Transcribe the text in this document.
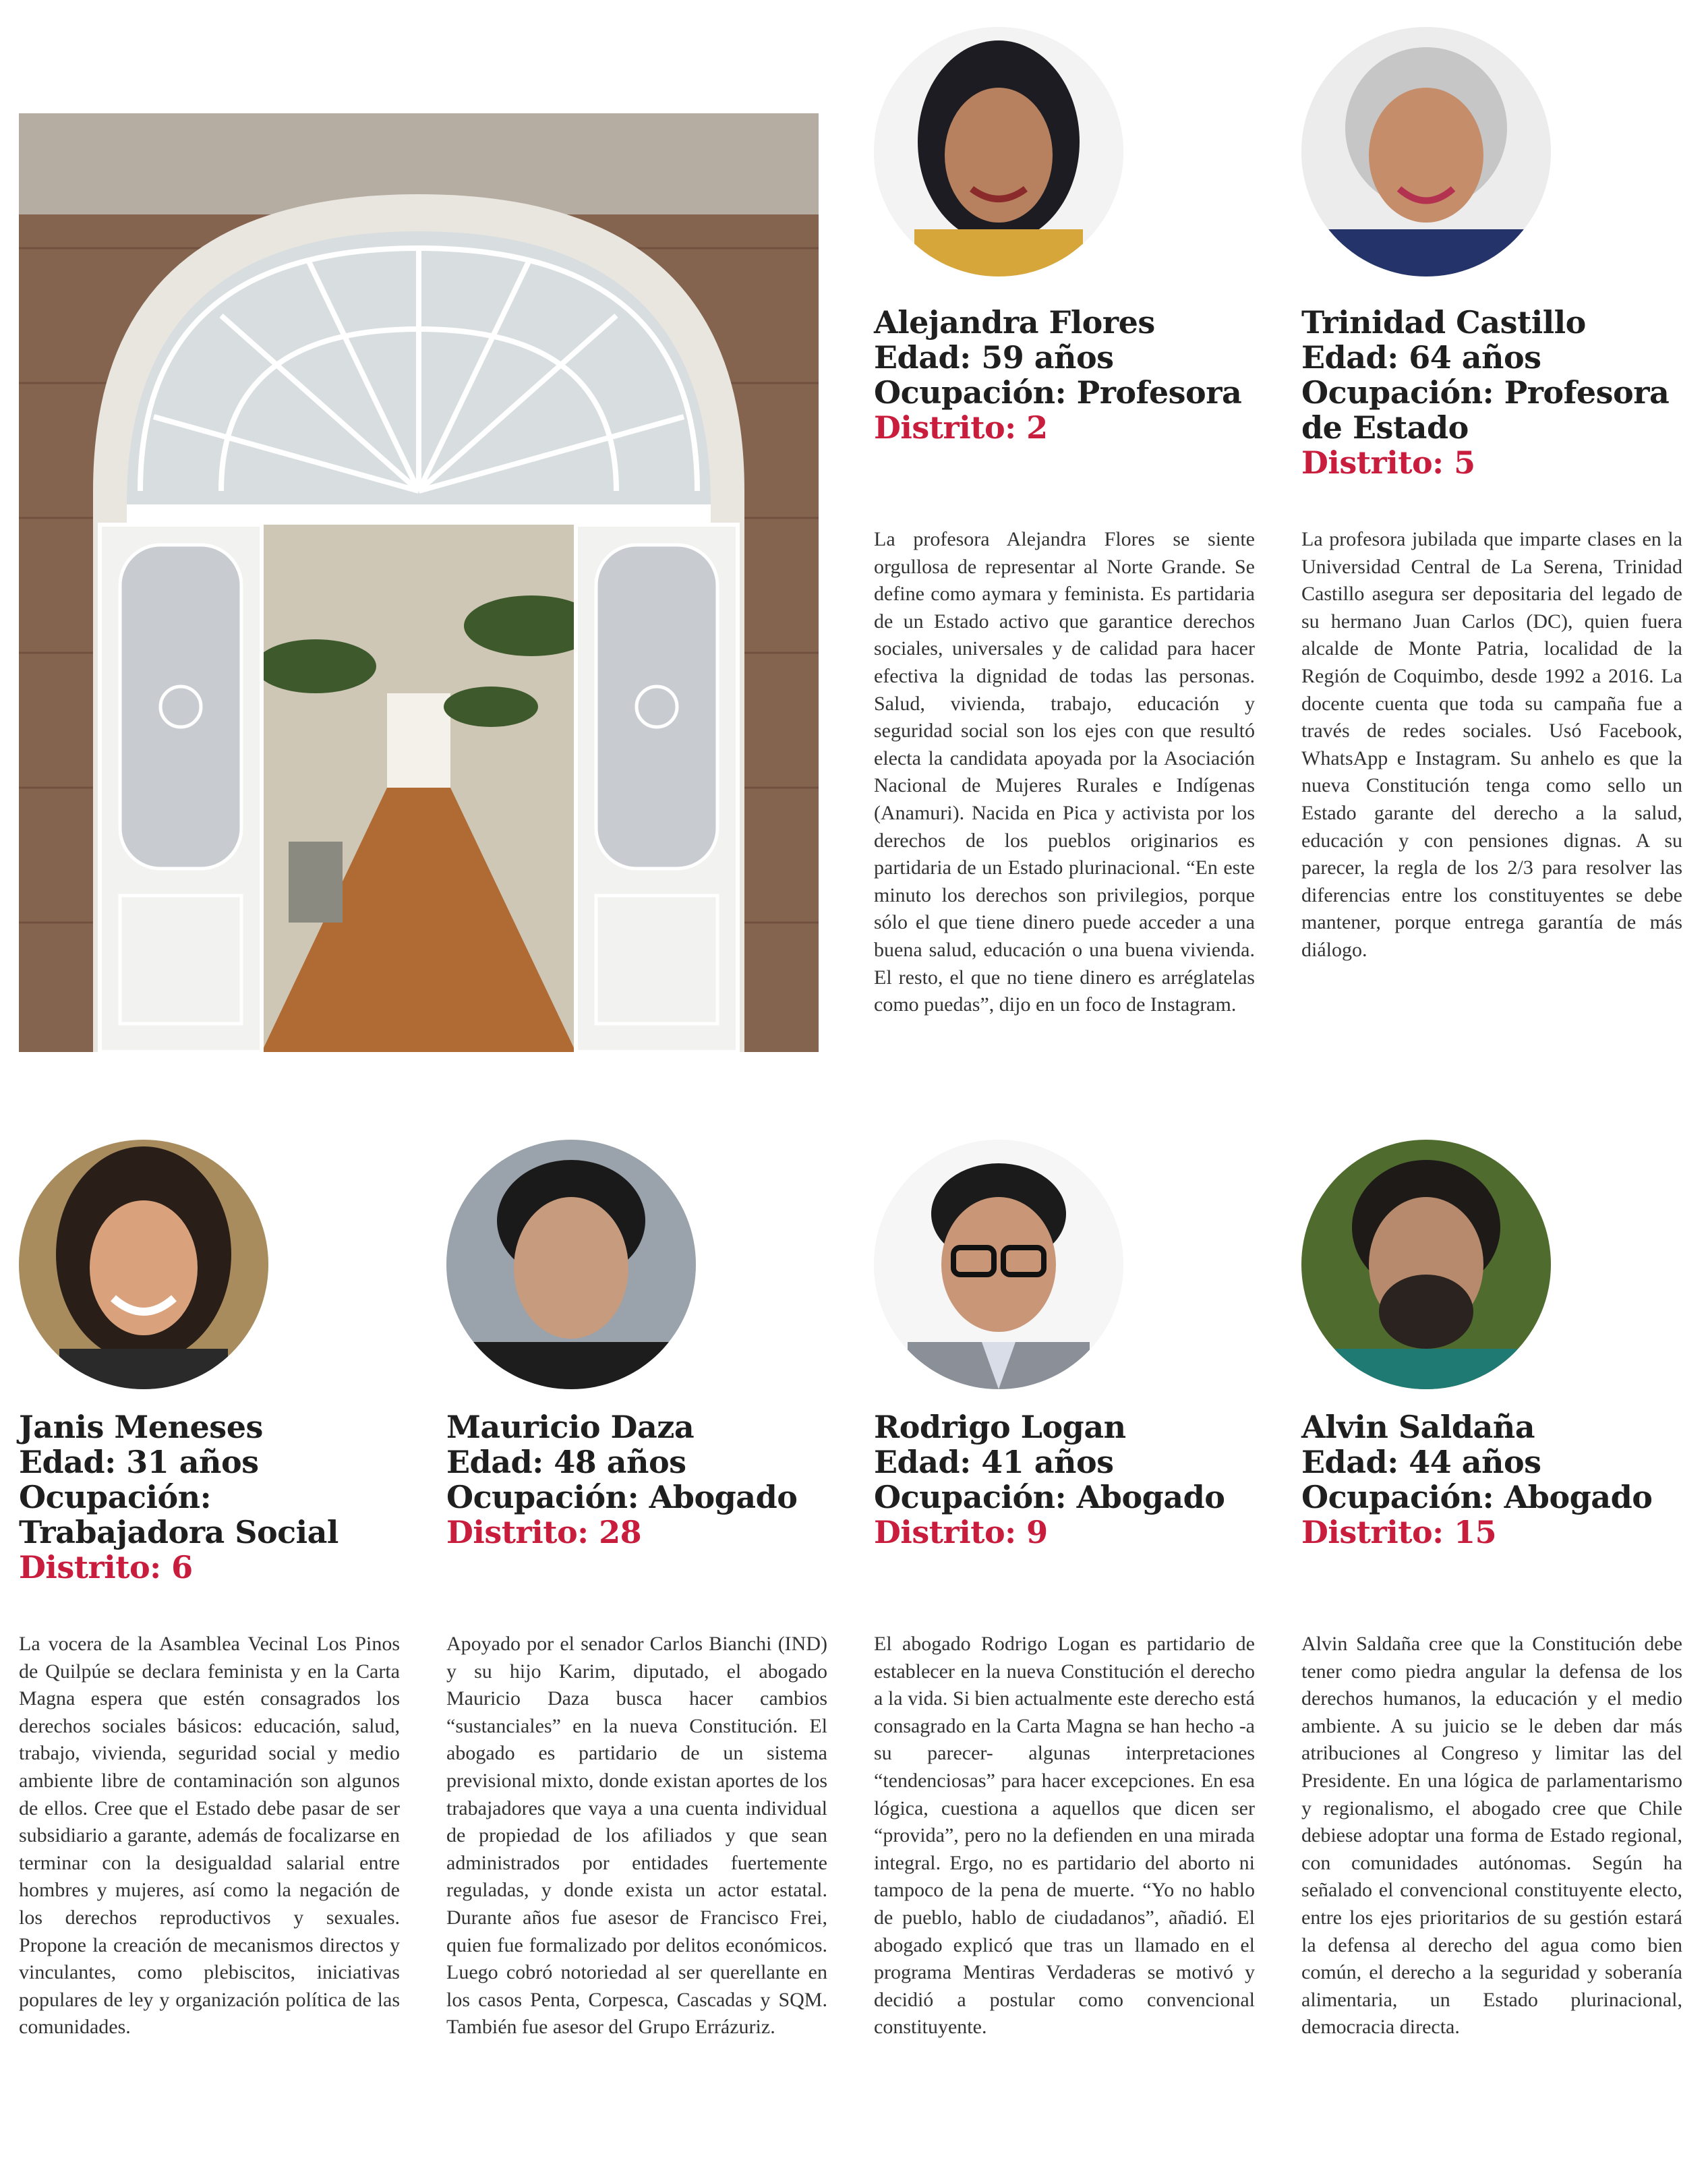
Alejandra Flores
Edad: 59 años
Ocupación: Profesora
Distrito: 2
La profesora Alejandra Flores se siente orgullosa de representar al Norte Grande. Se define como aymara y feminista. Es partidaria de un Estado activo que garantice derechos sociales, universales y de calidad para hacer efectiva la dignidad de todas las personas. Salud, vivienda, trabajo, educación y seguridad social son los ejes con que resultó electa la candidata apoyada por la Asociación Nacional de Mujeres Rurales e Indígenas (Anamuri). Nacida en Pica y activista por los derechos de los pueblos originarios es partidaria de un Estado plurinacional. “En este minuto los derechos son privilegios, porque sólo el que tiene dinero puede acceder a una buena salud, educación o una buena vivienda. El resto, el que no tiene dinero es arréglatelas como puedas”, dijo en un foco de Instagram.
Trinidad Castillo
Edad: 64 años
Ocupación: Profesora
de Estado
Distrito: 5
La profesora jubilada que imparte clases en la Universidad Central de La Serena, Trinidad Castillo asegura ser depositaria del legado de su hermano Juan Carlos (DC), quien fuera alcalde de Monte Patria, localidad de la Región de Coquimbo, desde 1992 a 2016. La docente cuenta que toda su campaña fue a través de redes sociales. Usó Facebook, WhatsApp e Instagram. Su anhelo es que la nueva Constitución tenga como sello un Estado garante del derecho a la salud, educación y con pensiones dignas. A su parecer, la regla de los 2/3 para resolver las diferencias entre los constituyentes se debe mantener, porque entrega garantía de más diálogo.
Janis Meneses
Edad: 31 años
Ocupación:
Trabajadora Social
Distrito: 6
La vocera de la Asamblea Vecinal Los Pinos de Quilpúe se declara feminista y en la Carta Magna espera que estén consagrados los derechos sociales básicos: educación, salud, trabajo, vivienda, seguridad social y medio ambiente libre de contaminación son algunos de ellos. Cree que el Estado debe pasar de ser subsidiario a garante, además de focalizarse en terminar con la desigualdad salarial entre hombres y mujeres, así como la negación de los derechos reproductivos y sexuales. Propone la creación de mecanismos directos y vinculantes, como plebiscitos, iniciativas populares de ley y organización política de las comunidades.
Mauricio Daza
Edad: 48 años
Ocupación: Abogado
Distrito: 28
Apoyado por el senador Carlos Bianchi (IND) y su hijo Karim, diputado, el abogado Mauricio Daza busca hacer cambios “sustanciales” en la nueva Constitución. El abogado es partidario de un sistema previsional mixto, donde existan aportes de los trabajadores que vaya a una cuenta individual de propiedad de los afiliados y que sean administrados por entidades fuertemente reguladas, y donde exista un actor estatal. Durante años fue asesor de Francisco Frei, quien fue formalizado por delitos económicos. Luego cobró notoriedad al ser querellante en los casos Penta, Corpesca, Cascadas y SQM. También fue asesor del Grupo Errázuriz.
Rodrigo Logan
Edad: 41 años
Ocupación: Abogado
Distrito: 9
El abogado Rodrigo Logan es partidario de establecer en la nueva Constitución el derecho a la vida. Si bien actualmente este derecho está consagrado en la Carta Magna se han hecho -a su parecer- algunas interpretaciones “tendenciosas” para hacer excepciones. En esa lógica, cuestiona a aquellos que dicen ser “provida”, pero no la defienden en una mirada integral. Ergo, no es partidario del aborto ni tampoco de la pena de muerte. “Yo no hablo de pueblo, hablo de ciudadanos”, añadió. El abogado explicó que tras un llamado en el programa Mentiras Verdaderas se motivó y decidió a postular como convencional constituyente.
Alvin Saldaña
Edad: 44 años
Ocupación: Abogado
Distrito: 15
Alvin Saldaña cree que la Constitución debe tener como piedra angular la defensa de los derechos humanos, la educación y el medio ambiente. A su juicio se le deben dar más atribuciones al Congreso y limitar las del Presidente. En una lógica de parlamentarismo y regionalismo, el abogado cree que Chile debiese adoptar una forma de Estado regional, con comunidades autónomas. Según ha señalado el convencional constituyente electo, entre los ejes prioritarios de su gestión estará la defensa al derecho del agua como bien común, el derecho a la seguridad y soberanía alimentaria, un Estado plurinacional, democracia directa.
